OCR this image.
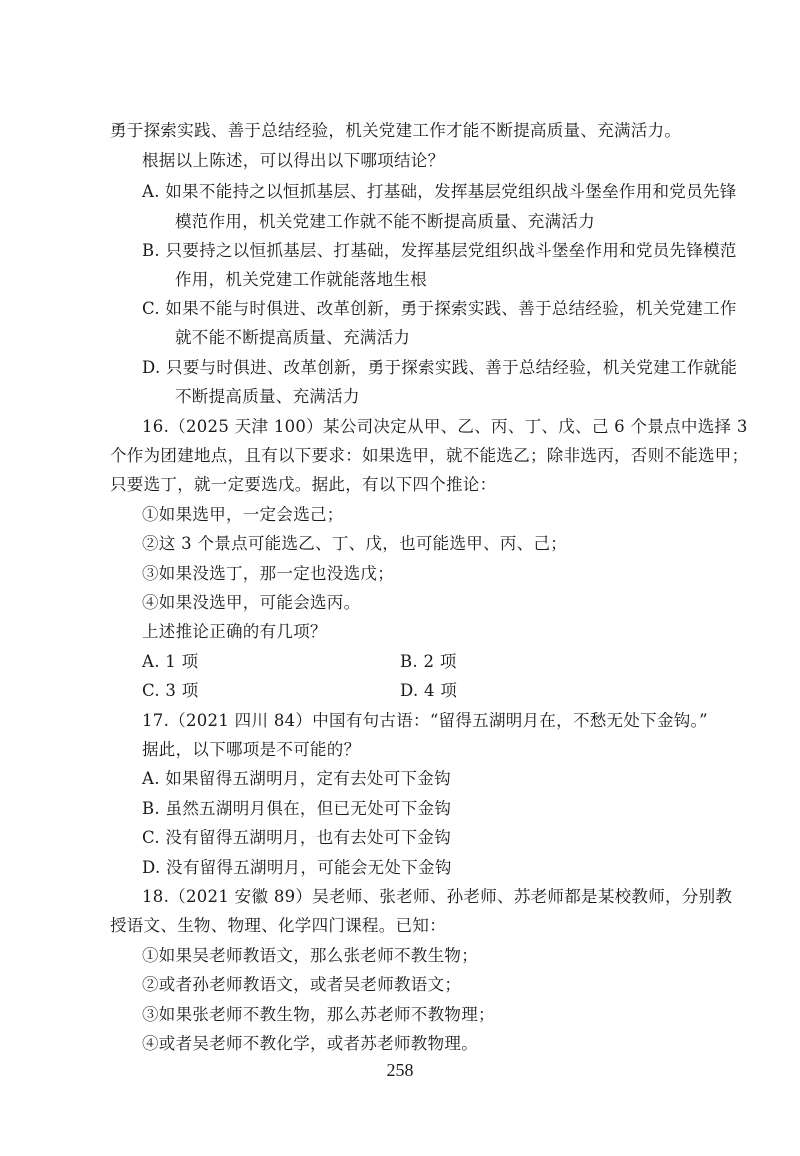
勇于探索实践、善于总结经验，机关党建工作才能不断提高质量、充满活力。
根据以上陈述，可以得出以下哪项结论？
A. 如果不能持之以恒抓基层、打基础，发挥基层党组织战斗堡垒作用和党员先锋
模范作用，机关党建工作就不能不断提高质量、充满活力
B. 只要持之以恒抓基层、打基础，发挥基层党组织战斗堡垒作用和党员先锋模范
作用，机关党建工作就能落地生根
C. 如果不能与时俱进、改革创新，勇于探索实践、善于总结经验，机关党建工作
就不能不断提高质量、充满活力
D. 只要与时俱进、改革创新，勇于探索实践、善于总结经验，机关党建工作就能
不断提高质量、充满活力
16.（2025 天津 100）某公司决定从甲、乙、丙、丁、戊、己 6 个景点中选择 3
个作为团建地点，且有以下要求：如果选甲，就不能选乙；除非选丙，否则不能选甲；
只要选丁，就一定要选戊。据此，有以下四个推论：
①如果选甲，一定会选己；
②这 3 个景点可能选乙、丁、戊，也可能选甲、丙、己；
③如果没选丁，那一定也没选戊；
④如果没选甲，可能会选丙。
上述推论正确的有几项？
A. 1 项	B. 2 项
C. 3 项	D. 4 项
17.（2021 四川 84）中国有句古语：“留得五湖明月在，不愁无处下金钩。”
据此，以下哪项是不可能的？
A. 如果留得五湖明月，定有去处可下金钩
B. 虽然五湖明月俱在，但已无处可下金钩
C. 没有留得五湖明月，也有去处可下金钩
D. 没有留得五湖明月，可能会无处下金钩
18.（2021 安徽 89）吴老师、张老师、孙老师、苏老师都是某校教师，分别教
授语文、生物、物理、化学四门课程。已知：
①如果吴老师教语文，那么张老师不教生物；
②或者孙老师教语文，或者吴老师教语文；
③如果张老师不教生物，那么苏老师不教物理；
④或者吴老师不教化学，或者苏老师教物理。
258
